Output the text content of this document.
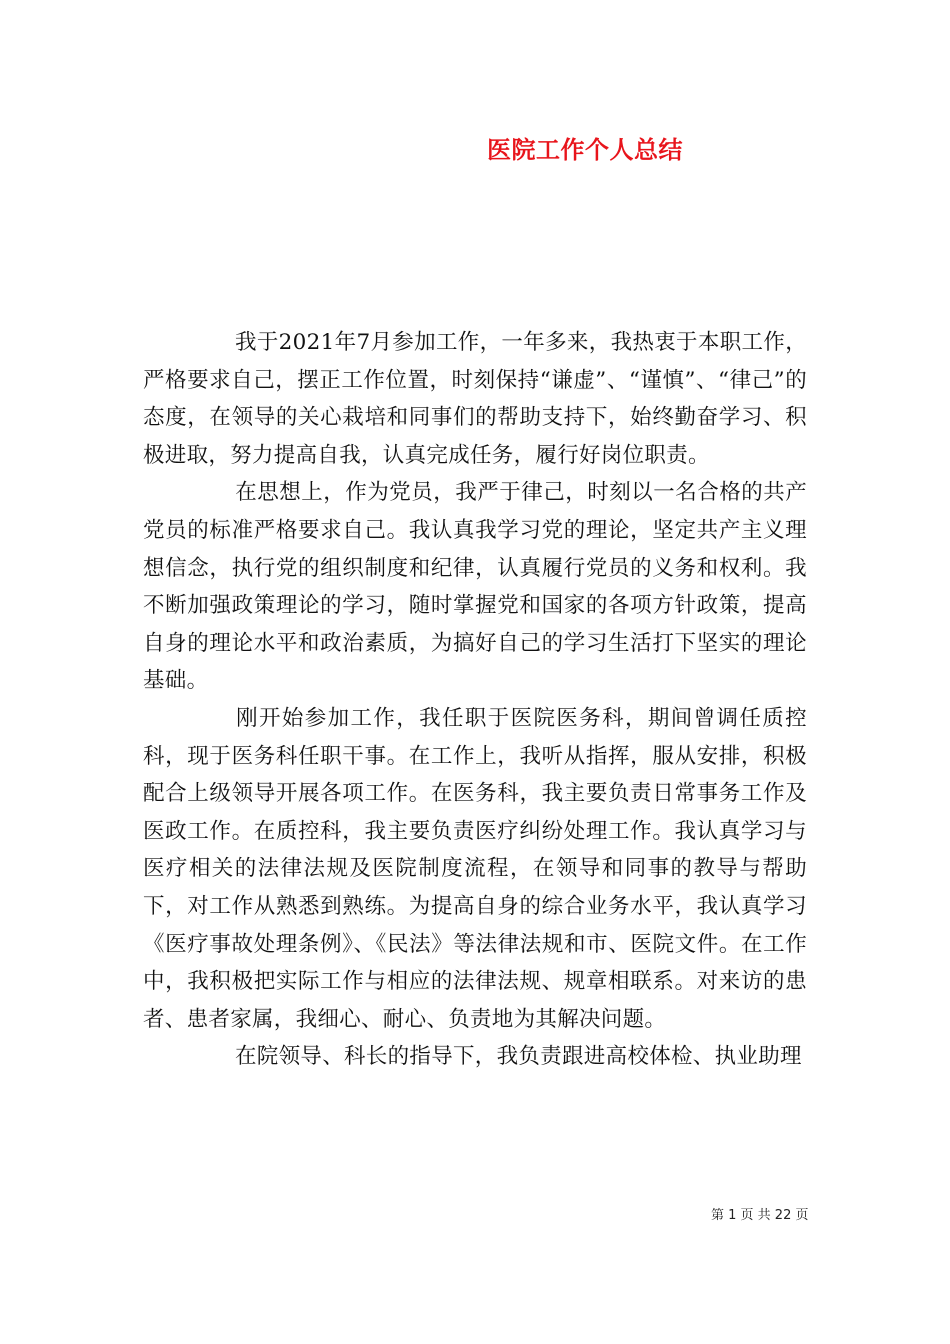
医院工作个人总结

我于2021年7月参加工作，一年多来，我热衷于本职工作，严格要求自己，摆正工作位置，时刻保持“谦虚”、“谨慎”、“律己”的态度，在领导的关心栽培和同事们的帮助支持下，始终勤奋学习、积极进取，努力提高自我，认真完成任务，履行好岗位职责。

在思想上，作为党员，我严于律己，时刻以一名合格的共产党员的标准严格要求自己。我认真我学习党的理论，坚定共产主义理想信念，执行党的组织制度和纪律，认真履行党员的义务和权利。我不断加强政策理论的学习，随时掌握党和国家的各项方针政策，提高自身的理论水平和政治素质，为搞好自己的学习生活打下坚实的理论基础。

刚开始参加工作，我任职于医院医务科，期间曾调任质控科，现于医务科任职干事。在工作上，我听从指挥，服从安排，积极配合上级领导开展各项工作。在医务科，我主要负责日常事务工作及医政工作。在质控科，我主要负责医疗纠纷处理工作。我认真学习与医疗相关的法律法规及医院制度流程，在领导和同事的教导与帮助下，对工作从熟悉到熟练。为提高自身的综合业务水平，我认真学习《医疗事故处理条例》、《民法》等法律法规和市、医院文件。在工作中，我积极把实际工作与相应的法律法规、规章相联系。对来访的患者、患者家属，我细心、耐心、负责地为其解决问题。

在院领导、科长的指导下，我负责跟进高校体检、执业助理

第 1 页 共 22 页
